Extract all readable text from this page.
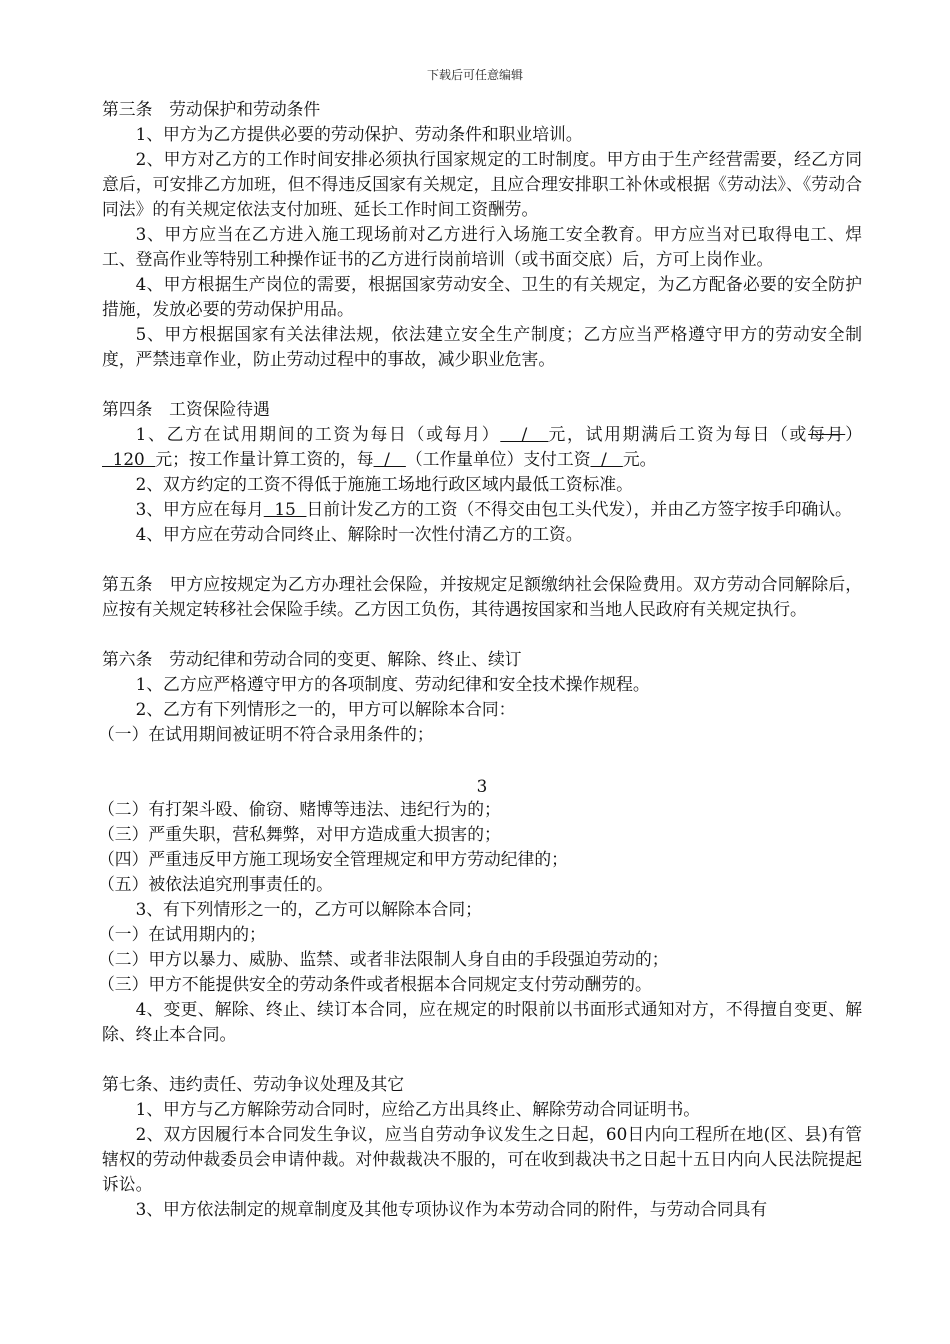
下载后可任意编辑

第三条　劳动保护和劳动条件

1、甲方为乙方提供必要的劳动保护、劳动条件和职业培训。

2、甲方对乙方的工作时间安排必须执行国家规定的工时制度。甲方由于生产经营需要，经乙方同意后，可安排乙方加班，但不得违反国家有关规定，且应合理安排职工补休或根据《劳动法》、《劳动合同法》的有关规定依法支付加班、延长工作时间工资酬劳。

3、甲方应当在乙方进入施工现场前对乙方进行入场施工安全教育。甲方应当对已取得电工、焊工、登高作业等特别工种操作证书的乙方进行岗前培训（或书面交底）后，方可上岗作业。

4、甲方根据生产岗位的需要，根据国家劳动安全、卫生的有关规定，为乙方配备必要的安全防护措施，发放必要的劳动保护用品。

5、甲方根据国家有关法律法规，依法建立安全生产制度；乙方应当严格遵守甲方的劳动安全制度，严禁违章作业，防止劳动过程中的事故，减少职业危害。

第四条　工资保险待遇

1、乙方在试用期间的工资为每日（或每月）   /   元，试用期满后工资为每日（或每月）  120  元；按工作量计算工资的，每  /   （工作量单位）支付工资  /   元。

2、双方约定的工资不得低于施施工场地行政区域内最低工资标准。

3、甲方应在每月  15  日前计发乙方的工资（不得交由包工头代发），并由乙方签字按手印确认。

4、甲方应在劳动合同终止、解除时一次性付清乙方的工资。

第五条　甲方应按规定为乙方办理社会保险，并按规定足额缴纳社会保险费用。双方劳动合同解除后，应按有关规定转移社会保险手续。乙方因工负伤，其待遇按国家和当地人民政府有关规定执行。

第六条　劳动纪律和劳动合同的变更、解除、终止、续订

1、乙方应严格遵守甲方的各项制度、劳动纪律和安全技术操作规程。

2、乙方有下列情形之一的，甲方可以解除本合同：

（一）在试用期间被证明不符合录用条件的；

3

（二）有打架斗殴、偷窃、赌博等违法、违纪行为的；

（三）严重失职，营私舞弊，对甲方造成重大损害的；

（四）严重违反甲方施工现场安全管理规定和甲方劳动纪律的；

（五）被依法追究刑事责任的。

3、有下列情形之一的，乙方可以解除本合同；

（一）在试用期内的；

（二）甲方以暴力、威胁、监禁、或者非法限制人身自由的手段强迫劳动的；

（三）甲方不能提供安全的劳动条件或者根据本合同规定支付劳动酬劳的。

4、变更、解除、终止、续订本合同，应在规定的时限前以书面形式通知对方，不得擅自变更、解除、终止本合同。

第七条、违约责任、劳动争议处理及其它

1、甲方与乙方解除劳动合同时，应给乙方出具终止、解除劳动合同证明书。

2、双方因履行本合同发生争议，应当自劳动争议发生之日起，60日内向工程所在地(区、县)有管辖权的劳动仲裁委员会申请仲裁。对仲裁裁决不服的，可在收到裁决书之日起十五日内向人民法院提起诉讼。

3、甲方依法制定的规章制度及其他专项协议作为本劳动合同的附件，与劳动合同具有
